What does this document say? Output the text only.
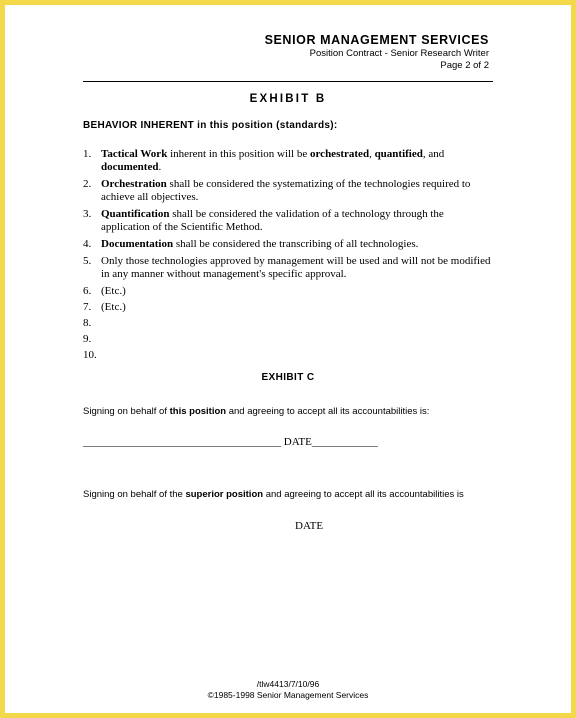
SENIOR MANAGEMENT SERVICES
Position Contract - Senior Research Writer
Page 2 of 2
EXHIBIT B
BEHAVIOR INHERENT in this position (standards):
1. Tactical Work inherent in this position will be orchestrated, quantified, and documented.
2. Orchestration shall be considered the systematizing of the technologies required to achieve all objectives.
3. Quantification shall be considered the validation of a technology through the application of the Scientific Method.
4. Documentation shall be considered the transcribing of all technologies.
5. Only those technologies approved by management will be used and will not be modified in any manner without management's specific approval.
6. (Etc.)
7. (Etc.)
8.

9.

10.

EXHIBIT C
Signing on behalf of this position and agreeing to accept all its accountabilities is:
____________________________________ DATE____________
Signing on behalf of the superior position and agreeing to accept all its accountabilities is
DATE
/tlw4413/7/10/96
©1985-1998 Senior Management Services
